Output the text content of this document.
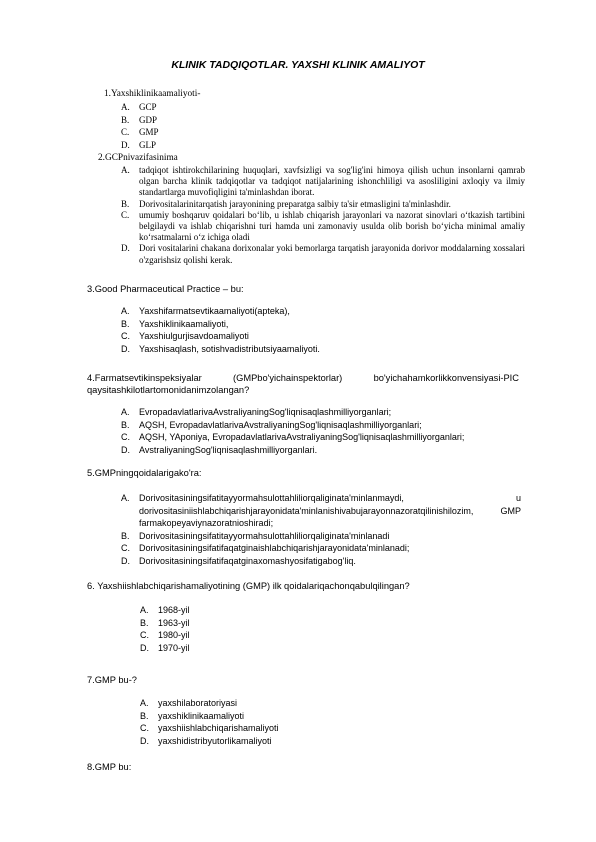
KLINIK TADQIQOTLAR. YAXSHI KLINIK AMALIYOT
1.Yaxshiklinikaamaliyoti-
A.	GCP
B.	GDP
C.	GMP
D.	GLP
2.GCPnivazifasinima
A.	tadqiqot ishtirokchilarining huquqlari, xavfsizligi va sog'lig'ini himoya qilish uchun insonlarni qamrab olgan barcha klinik tadqiqotlar va tadqiqot natijalarining ishonchliligi va asosliligini axloqiy va ilmiy standartlarga muvofiqligini ta'minlashdan iborat.
B.	Dorivositalarinitarqatish jarayonining preparatga salbiy ta'sir etmasligini ta'minlashdir.
C.	umumiy boshqaruv qoidalari boʻlib, u ishlab chiqarish jarayonlari va nazorat sinovlari oʻtkazish tartibini belgilaydi va ishlab chiqarishni turi hamda uni zamonaviy usulda olib borish boʻyicha minimal amaliy koʻrsatmalarni oʻz ichiga oladi
D.	Dori vositalarini chakana dorixonalar yoki bemorlarga tarqatish jarayonida dorivor moddalarning xossalari o'zgarishsiz qolishi kerak.
3.Good Pharmaceutical Practice – bu:
A.	Yaxshifarmatsevtikaamaliyoti(apteka),
B.	Yaxshiklinikaamaliyoti,
C.	Yaxshiulgurjisavdoamaliyoti
D.	Yaxshisaqlash, sotishvadistributsiyaamaliyoti.
4.Farmatsevtikinspeksiyalar	(GMPbo'yichainspektorlar)	bo'yichahamkorlikkonvensiyasi-PIC
qaysitashkilotlartomonidanimzolangan?
A.	EvropadavlatlarivaAvstraliyaningSog'liqnisaqlashmilliyorganlari;
B.	AQSH, EvropadavlatlarivaAvstraliyaningSog'liqnisaqlashmilliyorganlari;
C.	AQSH, YAponiya, EvropadavlatlarivaAvstraliyaningSog'liqnisaqlashmilliyorganlari;
D.	AvstraliyaningSog'liqnisaqlashmilliyorganlari.
5.GMPningqoidalarigako'ra:
A.	Dorivositasiningsifatitayyormahsulottahliliorqaliginata'minlanmaydi, u dorivositasiniishlabchiqarishjarayonidata'minlanishivabujarayonnazoratqilinishilozim, GMP farmakopeyaviynazoratnioshiradi;
B.	Dorivositasiningsifatitayyormahsulottahliliorqaliginata'minlanadi
C.	Dorivositasiningsifatifaqatginaishlabchiqarishjarayonidata'minlanadi;
D.	Dorivositasiningsifatifaqatginaxomashyosifatigabog'liq.
6. Yaxshiishlabchiqarishamaliyotining (GMP) ilk qoidalariqachonqabulqilingan?
A.	1968-yil
B.	1963-yil
C.	1980-yil
D.	1970-yil
7.GMP bu-?
A.	yaxshilaboratoriyasi
B.	yaxshiklinikaamaliyoti
C.	yaxshiishlabchiqarishamaliyoti
D.	yaxshidistribyutorlikamaliyoti
8.GMP bu:
